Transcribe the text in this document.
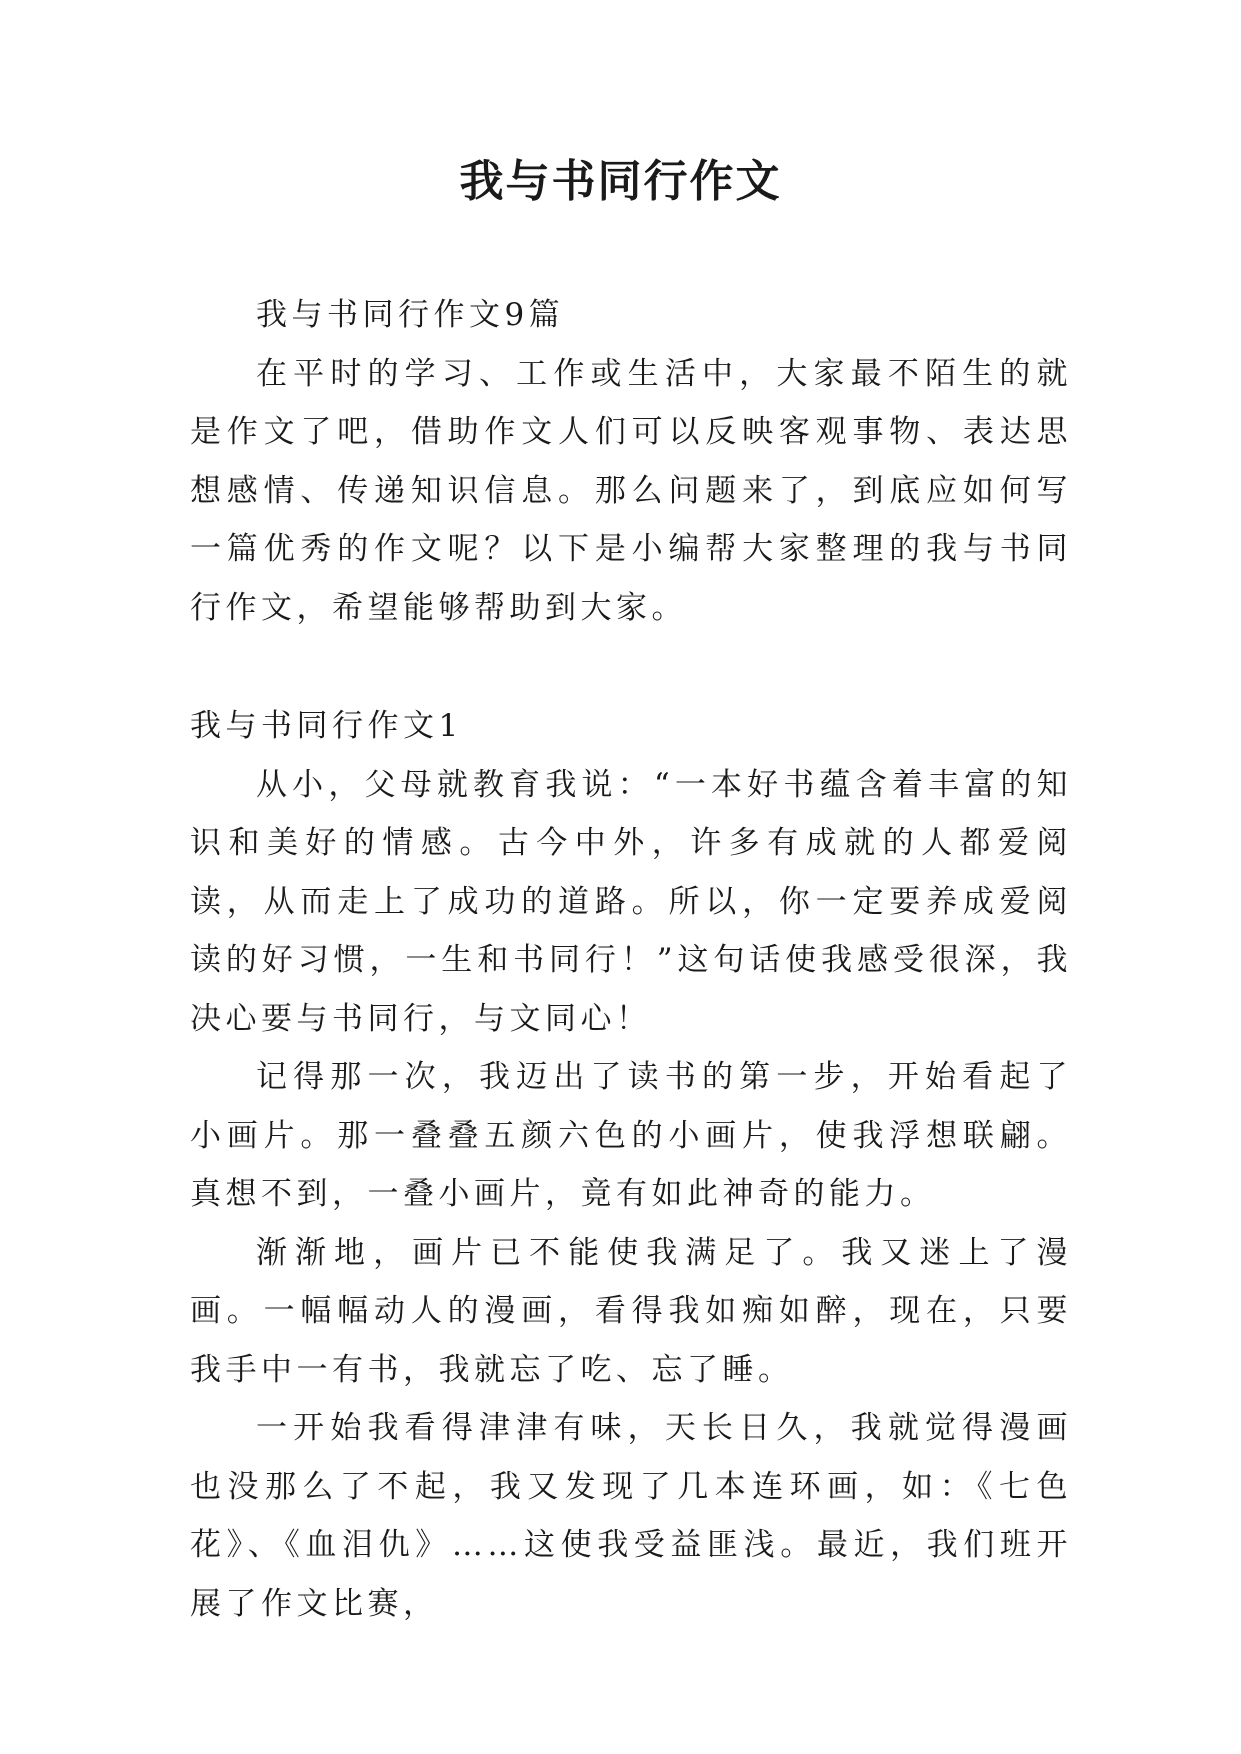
我与书同行作文

我与书同行作文9篇

在平时的学习、工作或生活中，大家最不陌生的就是作文了吧，借助作文人们可以反映客观事物、表达思想感情、传递知识信息。那么问题来了，到底应如何写一篇优秀的作文呢？以下是小编帮大家整理的我与书同行作文，希望能够帮助到大家。

我与书同行作文1

从小，父母就教育我说：“一本好书蕴含着丰富的知识和美好的情感。古今中外，许多有成就的人都爱阅读，从而走上了成功的道路。所以，你一定要养成爱阅读的好习惯，一生和书同行！”这句话使我感受很深，我决心要与书同行，与文同心！

记得那一次，我迈出了读书的第一步，开始看起了小画片。那一叠叠五颜六色的小画片，使我浮想联翩。真想不到，一叠小画片，竟有如此神奇的能力。

渐渐地，画片已不能使我满足了。我又迷上了漫画。一幅幅动人的漫画，看得我如痴如醉，现在，只要我手中一有书，我就忘了吃、忘了睡。

一开始我看得津津有味，天长日久，我就觉得漫画也没那么了不起，我又发现了几本连环画，如：《七色花》、《血泪仇》……这使我受益匪浅。最近，我们班开展了作文比赛，
